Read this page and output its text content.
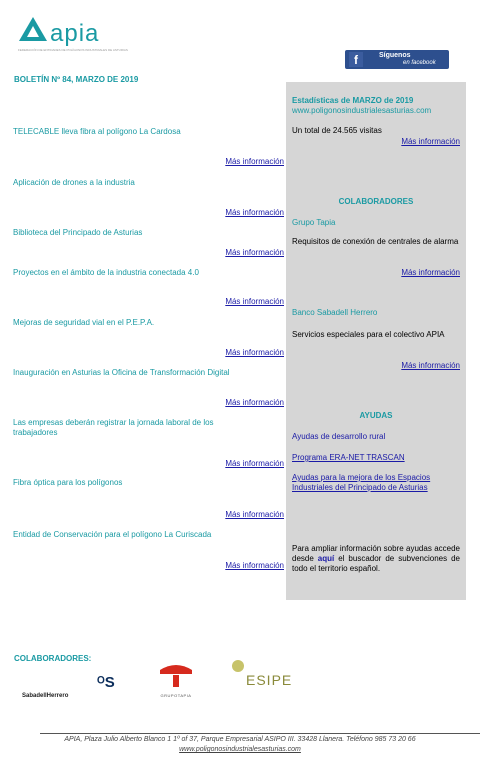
apia
FEDERACIÓN DE ENTIDADES DE POLÍGONOS INDUSTRIALES DE ASTURIAS
f	Síguenos
en facebook
BOLETÍN Nº 84, MARZO DE 2019
TELECABLE lleva fibra al polígono La Cardosa
Más información
Aplicación de drones a la industria
Más información
Biblioteca del Principado de Asturias
Más información
Proyectos en el ámbito de la industria conectada 4.0
Más información
Mejoras de seguridad vial en el P.E.P.A.
Más información
Inauguración en Asturias la Oficina de Transformación Digital
Más información
Las empresas deberán registrar la jornada laboral de los trabajadores
Más información
Fibra óptica para los polígonos
Más información
Entidad de Conservación para el polígono La Curiscada
Más información
Estadísticas de MARZO de 2019
www.poligonosindustrialesasturias.com
Un total de 24.565 visitas
Más información
COLABORADORES
Grupo Tapia
Requisitos de conexión de centrales de alarma
Más información
Banco Sabadell Herrero
Servicios especiales para el colectivo APIA
Más información
AYUDAS
Ayudas de desarrollo rural
Programa ERA-NET TRASCAN
Ayudas para la mejora de los Espacios Industriales del Principado de Asturias
Para ampliar información sobre ayudas accede desde aquí el buscador de subvenciones de todo el territorio español.
COLABORADORES:
SabadellHerrero
ᴼS
GRUPOTAPIA
ESIPE
APIA, Plaza Julio Alberto Blanco 1 1º of 37, Parque Empresarial ASIPO III. 33428 Llanera. Teléfono 985 73 20 66
www.poligonosindustrialesasturias.com
